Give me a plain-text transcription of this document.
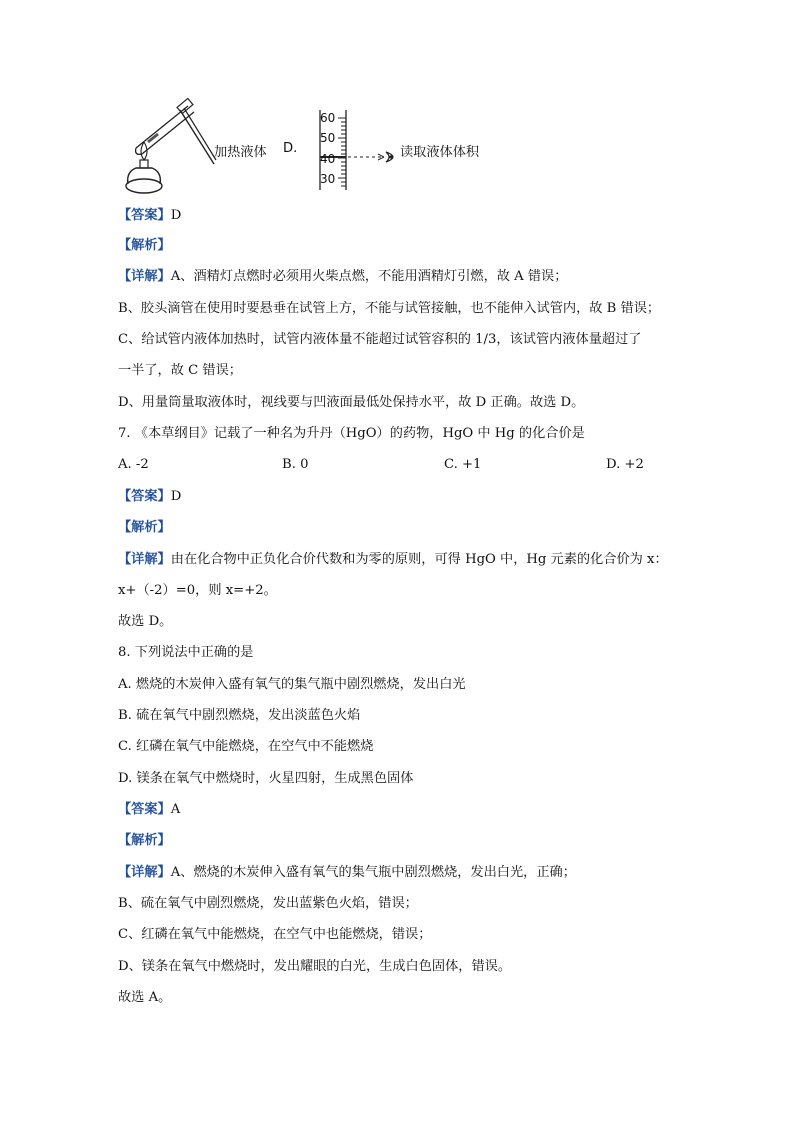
加热液体 D.
60
50
40
30
读取液体体积
【答案】D
【解析】
【详解】A、酒精灯点燃时必须用火柴点燃，不能用酒精灯引燃，故 A 错误；
B、胶头滴管在使用时要悬垂在试管上方，不能与试管接触，也不能伸入试管内，故 B 错误；
C、给试管内液体加热时，试管内液体量不能超过试管容积的 1/3，该试管内液体量超过了
一半了，故 C 错误；
D、用量筒量取液体时，视线要与凹液面最低处保持水平，故 D 正确。故选 D。
7. 《本草纲目》记载了一种名为升丹（HgO）的药物，HgO 中 Hg 的化合价是
A. -2	B. 0	C. +1	D. +2
【答案】D
【解析】
【详解】由在化合物中正负化合价代数和为零的原则，可得 HgO 中，Hg 元素的化合价为 x：
x+（-2）=0，则 x=+2。
故选 D。
8. 下列说法中正确的是
A. 燃烧的木炭伸入盛有氧气的集气瓶中剧烈燃烧，发出白光
B. 硫在氧气中剧烈燃烧，发出淡蓝色火焰
C. 红磷在氧气中能燃烧，在空气中不能燃烧
D. 镁条在氧气中燃烧时，火星四射，生成黑色固体
【答案】A
【解析】
【详解】A、燃烧的木炭伸入盛有氧气的集气瓶中剧烈燃烧，发出白光，正确；
B、硫在氧气中剧烈燃烧，发出蓝紫色火焰，错误；
C、红磷在氧气中能燃烧，在空气中也能燃烧，错误；
D、镁条在氧气中燃烧时，发出耀眼的白光，生成白色固体，错误。
故选 A。
